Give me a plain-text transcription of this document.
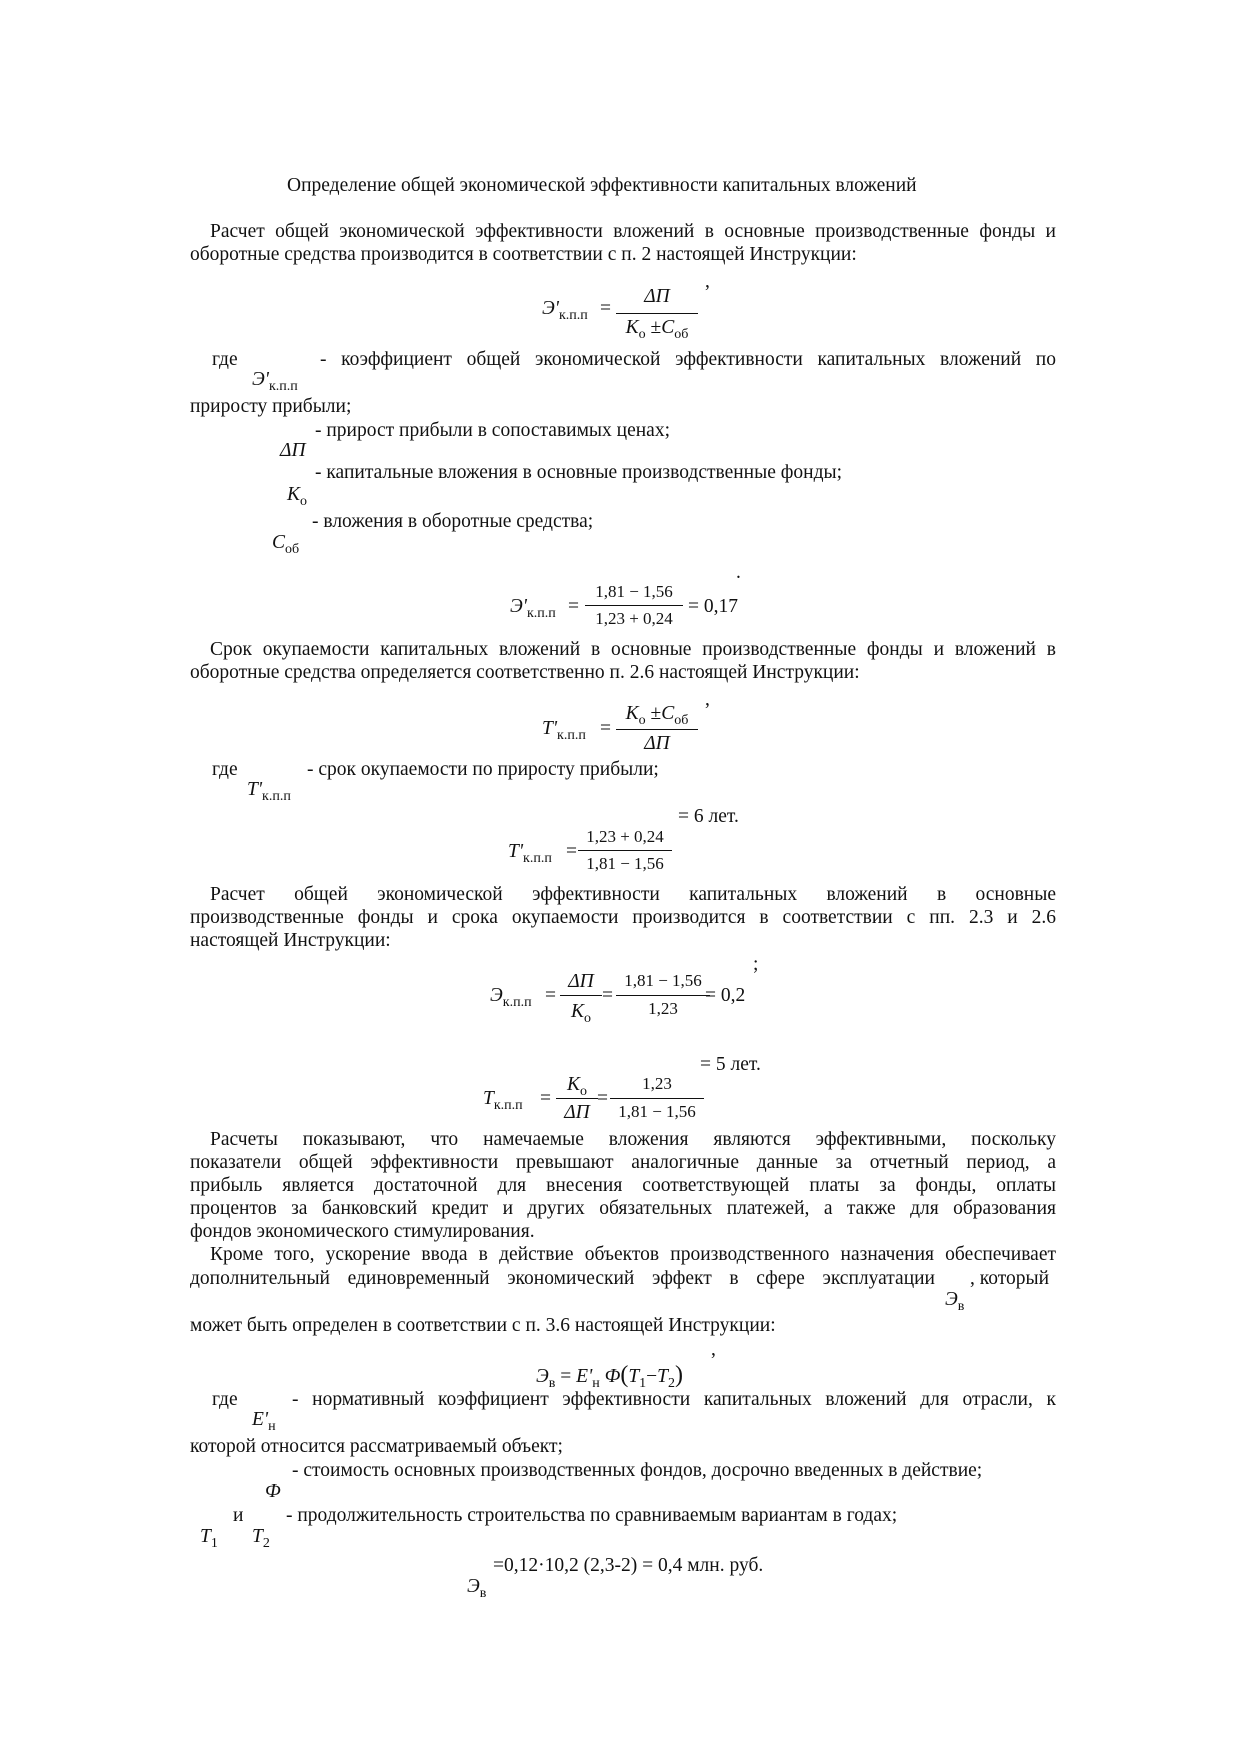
Определение общей экономической эффективности капитальных вложений
Расчет общей экономической эффективности вложений в основные производственные фонды и
оборотные средства производится в соответствии с п. 2 настоящей Инструкции:
,
$Э'_{к.п.п}$ =
ΔП
$К_о \pm С_{об}$
где	- коэффициент общей экономической эффективности капитальных вложений по
$Э'_{к.п.п}$
приросту прибыли;
- прирост прибыли в сопоставимых ценах;
ΔП
- капитальные вложения в основные производственные фонды;
$К_о$
- вложения в оборотные средства;
$С_{об}$
.
$Э'_{к.п.п}$ =
1,81 − 1,56
1,23 + 0,24
= 0,17
Срок окупаемости капитальных вложений в основные производственные фонды и вложений в
оборотные средства определяется соответственно п. 2.6 настоящей Инструкции:
,
$Т'_{к.п.п}$ =
$К_о \pm С_{об}$
ΔП
где	- срок окупаемости по приросту прибыли;
$Т'_{к.п.п}$
= 6 лет.
$Т'_{к.п.п}$ =
1,23 + 0,24
1,81 − 1,56
Расчет общей экономической эффективности капитальных вложений в основные
производственные фонды и срока окупаемости производится в соответствии с пп. 2.3 и 2.6
настоящей Инструкции:
;
$Э_{к.п.п}$ =
ΔП
$К_о$
=
1,81 − 1,56
1,23
= 0,2
= 5 лет.
$Т_{к.п.п}$ =
$К_о$
ΔП
=
1,23
1,81 − 1,56
Расчеты показывают, что намечаемые вложения являются эффективными, поскольку
показатели общей эффективности превышают аналогичные данные за отчетный период, а
прибыль является достаточной для внесения соответствующей платы за фонды, оплаты
процентов за банковский кредит и других обязательных платежей, а также для образования
фондов экономического стимулирования.
Кроме того, ускорение ввода в действие объектов производственного назначения обеспечивает
дополнительный единовременный экономический эффект в сфере эксплуатации , который
$Э_в$
может быть определен в соответствии с п. 3.6 настоящей Инструкции:
,
$Э_в = Е'_н$ $Ф(Т_1-Т_2)$
где	- нормативный коэффициент эффективности капитальных вложений для отрасли, к
$Е'_н$
которой относится рассматриваемый объект;
- стоимость основных производственных фондов, досрочно введенных в действие;
Ф
и - продолжительность строительства по сравниваемым вариантам в годах;
$Т_1$ $Т_2$
=0,12·10,2 (2,3-2) = 0,4 млн. руб.
$Э_в$
